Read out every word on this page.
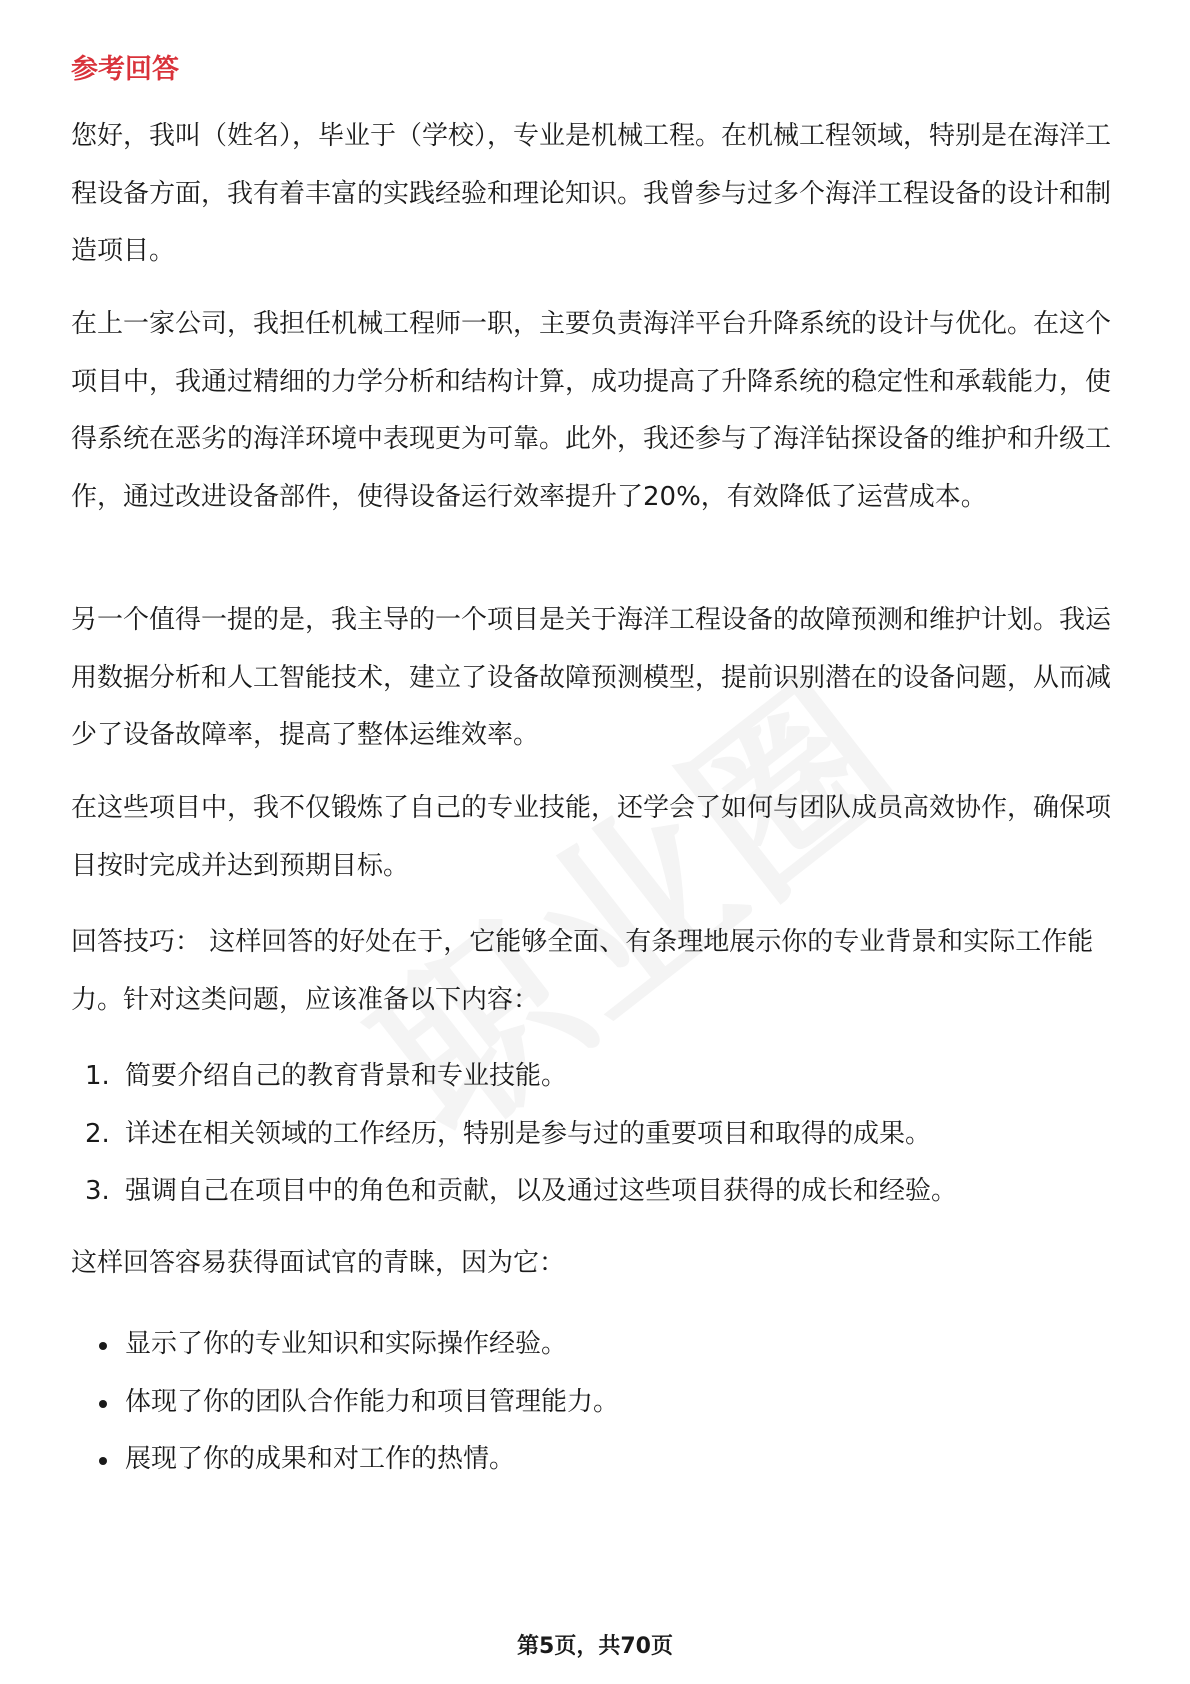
参考回答

您好，我叫（姓名），毕业于（学校），专业是机械工程。在机械工程领域，特别是在海洋工程设备方面，我有着丰富的实践经验和理论知识。我曾参与过多个海洋工程设备的设计和制造项目。

在上一家公司，我担任机械工程师一职，主要负责海洋平台升降系统的设计与优化。在这个项目中，我通过精细的力学分析和结构计算，成功提高了升降系统的稳定性和承载能力，使得系统在恶劣的海洋环境中表现更为可靠。此外，我还参与了海洋钻探设备的维护和升级工作，通过改进设备部件，使得设备运行效率提升了20%，有效降低了运营成本。

另一个值得一提的是，我主导的一个项目是关于海洋工程设备的故障预测和维护计划。我运用数据分析和人工智能技术，建立了设备故障预测模型，提前识别潜在的设备问题，从而减少了设备故障率，提高了整体运维效率。

在这些项目中，我不仅锻炼了自己的专业技能，还学会了如何与团队成员高效协作，确保项目按时完成并达到预期目标。

回答技巧： 这样回答的好处在于，它能够全面、有条理地展示你的专业背景和实际工作能力。针对这类问题，应该准备以下内容：

1. 简要介绍自己的教育背景和专业技能。
2. 详述在相关领域的工作经历，特别是参与过的重要项目和取得的成果。
3. 强调自己在项目中的角色和贡献，以及通过这些项目获得的成长和经验。

这样回答容易获得面试官的青睐，因为它：

显示了你的专业知识和实际操作经验。
体现了你的团队合作能力和项目管理能力。
展现了你的成果和对工作的热情。
第5页，共70页
